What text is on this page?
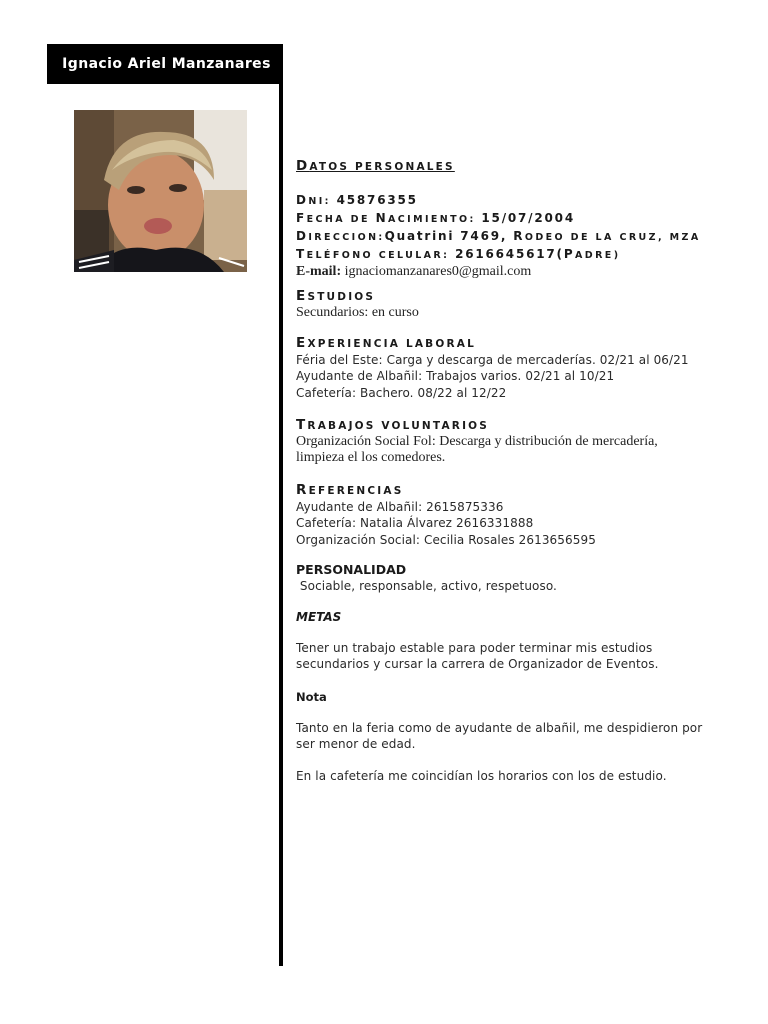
Ignacio Ariel Manzanares
DATOS PERSONALES
DNI: 45876355
FECHA DE NACIMIENTO: 15/07/2004
DIRECCION:Quatrini 7469, RODEO DE LA CRUZ, MZA
TELÉFONO CELULAR: 2616645617(PADRE)
E-mail: ignaciomanzanares0@gmail.com
ESTUDIOS
Secundarios: en curso
EXPERIENCIA LABORAL
Féria del Este: Carga y descarga de mercaderías. 02/21 al 06/21
Ayudante de Albañil: Trabajos varios. 02/21 al 10/21
Cafetería: Bachero. 08/22 al 12/22
TRABAJOS VOLUNTARIOS
Organización Social Fol: Descarga y distribución de mercadería,
limpieza el los comedores.
REFERENCIAS
Ayudante de Albañil: 2615875336
Cafetería: Natalia Álvarez 2616331888
Organización Social: Cecilia Rosales 2613656595
PERSONALIDAD
Sociable, responsable, activo, respetuoso.
METAS
Tener un trabajo estable para poder terminar mis estudios
secundarios y cursar la carrera de Organizador de Eventos.
Nota
Tanto en la feria como de ayudante de albañil, me despidieron por
ser menor de edad.
En la cafetería me coincidían los horarios con los de estudio.
